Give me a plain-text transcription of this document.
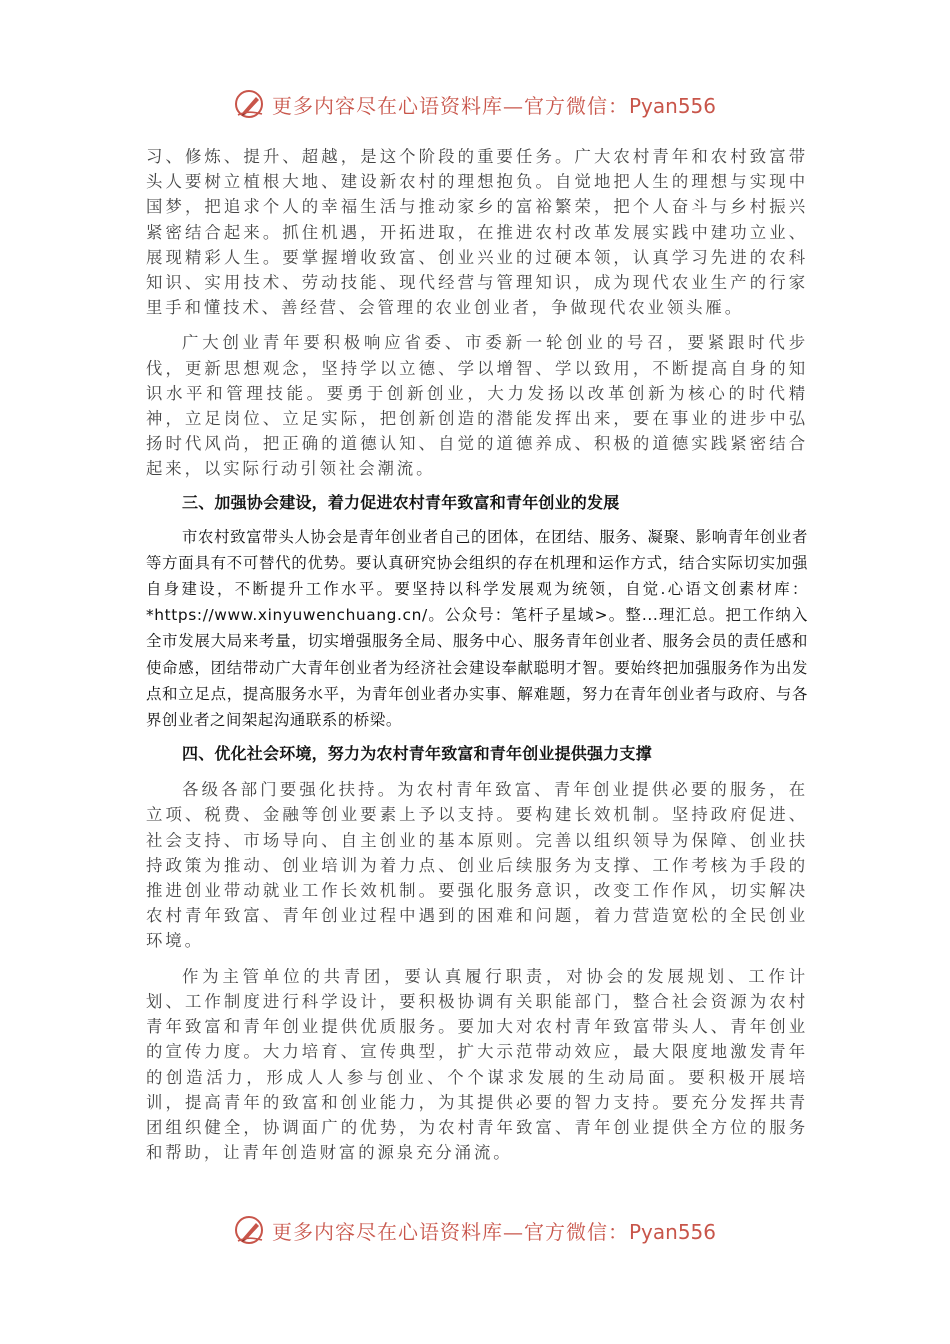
更多内容尽在心语资料库—官方微信：Pyan556

习、修炼、提升、超越，是这个阶段的重要任务。广大农村青年和农村致富带头人要树立植根大地、建设新农村的理想抱负。自觉地把人生的理想与实现中国梦，把追求个人的幸福生活与推动家乡的富裕繁荣，把个人奋斗与乡村振兴紧密结合起来。抓住机遇，开拓进取，在推进农村改革发展实践中建功立业、展现精彩人生。要掌握增收致富、创业兴业的过硬本领，认真学习先进的农科知识、实用技术、劳动技能、现代经营与管理知识，成为现代农业生产的行家里手和懂技术、善经营、会管理的农业创业者，争做现代农业领头雁。

广大创业青年要积极响应省委、市委新一轮创业的号召，要紧跟时代步伐，更新思想观念，坚持学以立德、学以增智、学以致用，不断提高自身的知识水平和管理技能。要勇于创新创业，大力发扬以改革创新为核心的时代精神，立足岗位、立足实际，把创新创造的潜能发挥出来，要在事业的进步中弘扬时代风尚，把正确的道德认知、自觉的道德养成、积极的道德实践紧密结合起来，以实际行动引领社会潮流。

三、加强协会建设，着力促进农村青年致富和青年创业的发展

市农村致富带头人协会是青年创业者自己的团体，在团结、服务、凝聚、影响青年创业者等方面具有不可替代的优势。要认真研究协会组织的存在机理和运作方式，结合实际切实加强自身建设，不断提升工作水平。要坚持以科学发展观为统领，自觉.心语文创素材库：*https://www.xinyuwenchuang.cn/。公众号：笔杆子星域>。整...理汇总。把工作纳入全市发展大局来考量，切实增强服务全局、服务中心、服务青年创业者、服务会员的责任感和使命感，团结带动广大青年创业者为经济社会建设奉献聪明才智。要始终把加强服务作为出发点和立足点，提高服务水平，为青年创业者办实事、解难题，努力在青年创业者与政府、与各界创业者之间架起沟通联系的桥梁。

四、优化社会环境，努力为农村青年致富和青年创业提供强力支撑

各级各部门要强化扶持。为农村青年致富、青年创业提供必要的服务，在立项、税费、金融等创业要素上予以支持。要构建长效机制。坚持政府促进、社会支持、市场导向、自主创业的基本原则。完善以组织领导为保障、创业扶持政策为推动、创业培训为着力点、创业后续服务为支撑、工作考核为手段的推进创业带动就业工作长效机制。要强化服务意识，改变工作作风，切实解决农村青年致富、青年创业过程中遇到的困难和问题，着力营造宽松的全民创业环境。

作为主管单位的共青团，要认真履行职责，对协会的发展规划、工作计划、工作制度进行科学设计，要积极协调有关职能部门，整合社会资源为农村青年致富和青年创业提供优质服务。要加大对农村青年致富带头人、青年创业的宣传力度。大力培育、宣传典型，扩大示范带动效应，最大限度地激发青年的创造活力，形成人人参与创业、个个谋求发展的生动局面。要积极开展培训，提高青年的致富和创业能力，为其提供必要的智力支持。要充分发挥共青团组织健全，协调面广的优势，为农村青年致富、青年创业提供全方位的服务和帮助，让青年创造财富的源泉充分涌流。

更多内容尽在心语资料库—官方微信：Pyan556
